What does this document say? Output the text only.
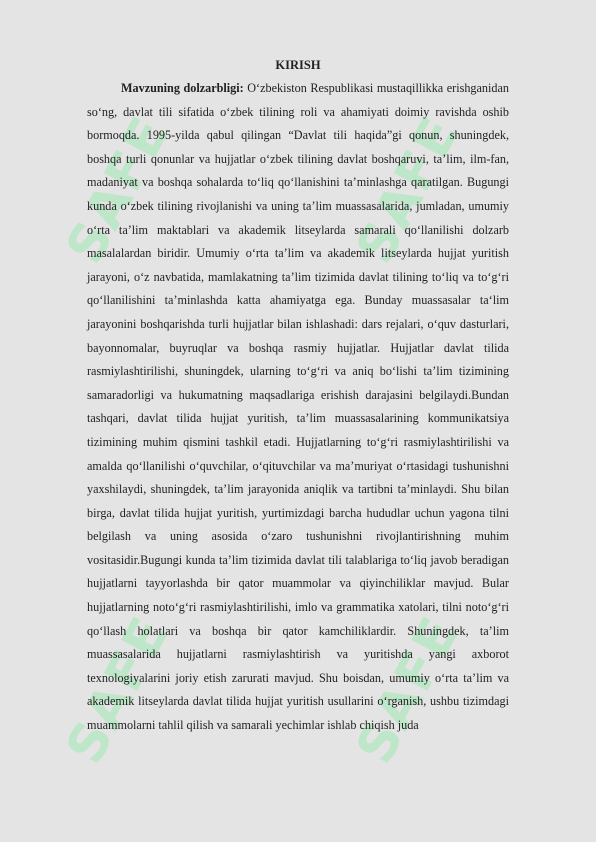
SAFE	SAFE
SAFE	SAFE
KIRISH

Mavzuning dolzarbligi: O‘zbekiston Respublikasi mustaqillikka erishganidan so‘ng, davlat tili sifatida o‘zbek tilining roli va ahamiyati doimiy ravishda oshib bormoqda. 1995-yilda qabul qilingan “Davlat tili haqida”gi qonun, shuningdek, boshqa turli qonunlar va hujjatlar o‘zbek tilining davlat boshqaruvi, ta’lim, ilm-fan, madaniyat va boshqa sohalarda to‘liq qo‘llanishini ta’minlashga qaratilgan. Bugungi kunda o‘zbek tilining rivojlanishi va uning ta’lim muassasalarida, jumladan, umumiy o‘rta ta’lim maktablari va akademik litseylarda samarali qo‘llanilishi dolzarb masalalardan biridir. Umumiy o‘rta ta’lim va akademik litseylarda hujjat yuritish jarayoni, o‘z navbatida, mamlakatning ta’lim tizimida davlat tilining to‘liq va to‘g‘ri qo‘llanilishini ta’minlashda katta ahamiyatga ega. Bunday muassasalar ta‘lim jarayonini boshqarishda turli hujjatlar bilan ishlashadi: dars rejalari, o‘quv dasturlari, bayonnomalar, buyruqlar va boshqa rasmiy hujjatlar. Hujjatlar davlat tilida rasmiylashtirilishi, shuningdek, ularning to‘g‘ri va aniq bo‘lishi ta’lim tizimining samaradorligi va hukumatning maqsadlariga erishish darajasini belgilaydi.Bundan tashqari, davlat tilida hujjat yuritish, ta’lim muassasalarining kommunikatsiya tizimining muhim qismini tashkil etadi. Hujjatlarning to‘g‘ri rasmiylashtirilishi va amalda qo‘llanilishi o‘quvchilar, o‘qituvchilar va ma’muriyat o‘rtasidagi tushunishni yaxshilaydi, shuningdek, ta’lim jarayonida aniqlik va tartibni ta’minlaydi. Shu bilan birga, davlat tilida hujjat yuritish, yurtimizdagi barcha hududlar uchun yagona tilni belgilash va uning asosida o‘zaro tushunishni rivojlantirishning muhim vositasidir.Bugungi kunda ta’lim tizimida davlat tili talablariga to‘liq javob beradigan hujjatlarni tayyorlashda bir qator muammolar va qiyinchiliklar mavjud. Bular hujjatlarning noto‘g‘ri rasmiylashtirilishi, imlo va grammatika xatolari, tilni noto‘g‘ri qo‘llash holatlari va boshqa bir qator kamchiliklardir. Shuningdek, ta’lim muassasalarida hujjatlarni rasmiylashtirish va yuritishda yangi axborot texnologiyalarini joriy etish zarurati mavjud. Shu boisdan, umumiy o‘rta ta’lim va akademik litseylarda davlat tilida hujjat yuritish usullarini o‘rganish, ushbu tizimdagi muammolarni tahlil qilish va samarali yechimlar ishlab chiqish juda
